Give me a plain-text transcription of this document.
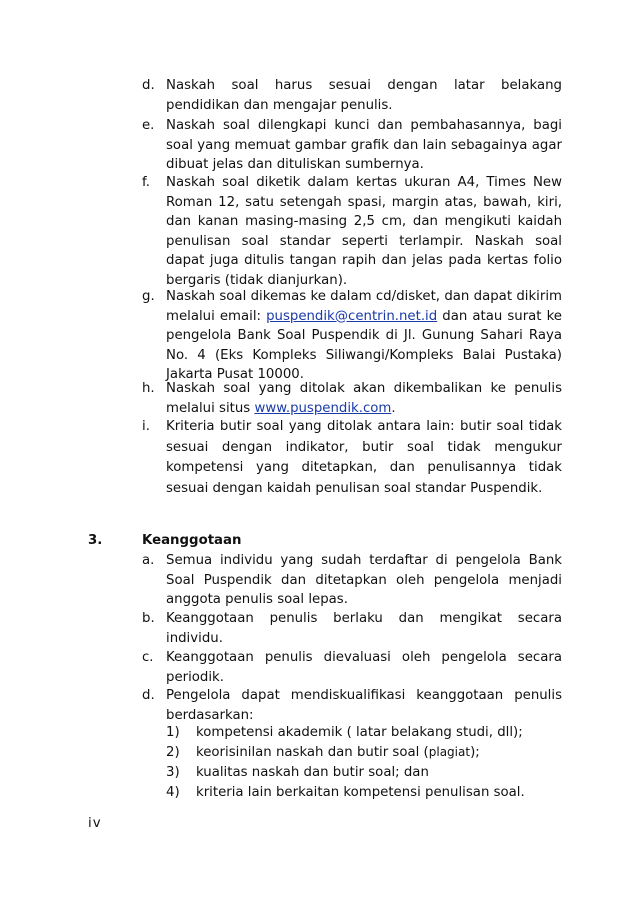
d. Naskah soal harus sesuai dengan latar belakang pendidikan dan mengajar penulis.
e. Naskah soal dilengkapi kunci dan pembahasannya, bagi soal yang memuat gambar grafik dan lain sebagainya agar dibuat jelas dan dituliskan sumbernya.
f.	Naskah soal diketik dalam kertas ukuran A4, Times New Roman 12, satu setengah spasi, margin atas, bawah, kiri, dan kanan masing-masing 2,5 cm, dan mengikuti kaidah penulisan soal standar seperti terlampir. Naskah soal dapat juga ditulis tangan rapih dan jelas pada kertas folio bergaris (tidak dianjurkan).
g. Naskah soal dikemas ke dalam cd/disket, dan dapat dikirim melalui email: puspendik@centrin.net.id dan atau surat ke pengelola Bank Soal Puspendik di Jl. Gunung Sahari Raya No. 4 (Eks Kompleks Siliwangi/Kompleks Balai Pustaka) Jakarta Pusat 10000.
h. Naskah soal yang ditolak akan dikembalikan ke penulis melalui situs www.puspendik.com.
i.	Kriteria butir soal yang ditolak antara lain: butir soal tidak sesuai dengan indikator, butir soal tidak mengukur kompetensi yang ditetapkan, dan penulisannya tidak sesuai dengan kaidah penulisan soal standar Puspendik.
3.	Keanggotaan
a. Semua individu yang sudah terdaftar di pengelola Bank Soal Puspendik dan ditetapkan oleh pengelola menjadi anggota penulis soal lepas.
b. Keanggotaan penulis berlaku dan mengikat secara individu.
c. Keanggotaan penulis dievaluasi oleh pengelola secara periodik.
d. Pengelola dapat mendiskualifikasi keanggotaan penulis berdasarkan:
1)	kompetensi akademik ( latar belakang studi, dll);
2)	keorisinilan naskah dan butir soal (plagiat);
3)	kualitas naskah dan butir soal; dan
4)	kriteria lain berkaitan kompetensi penulisan soal.
iv
